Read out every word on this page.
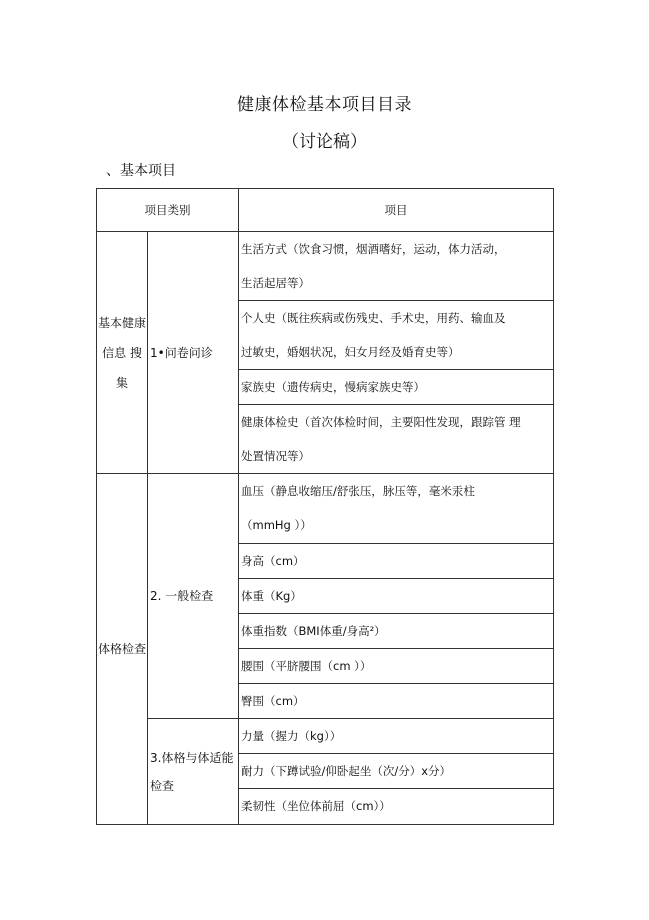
健康体检基本项目目录
（讨论稿）
、基本项目
项目类别		项目
基本健康 信息 搜集	1•问卷问诊	生活方式（饮食习惯，烟酒嗜好，运动，体力活动，
生活起居等）

		个人史（既往疾病或伤残史、手术史，用药、输血及
过敏史，婚姻状况，妇女月经及婚育史等）

		家族史（遗传病史，慢病家族史等）

		健康体检史（首次体检时间，主要阳性发现，跟踪管 理
处置情况等）

体格检查	2. 一般检查	血压（静息收缩压/舒张压，脉压等，毫米汞柱
（mmHg ））

		身高（cm）

		体重（Kg）

		体重指数（BMI体重/身高²）

		腰围（平脐腰围（cm ））

		臀围（cm）

	3.体格与体适能检查	力量（握力（kg））

		耐力（下蹲试验/仰卧起坐（次/分）x分）

		柔韧性（坐位体前屈（cm））
